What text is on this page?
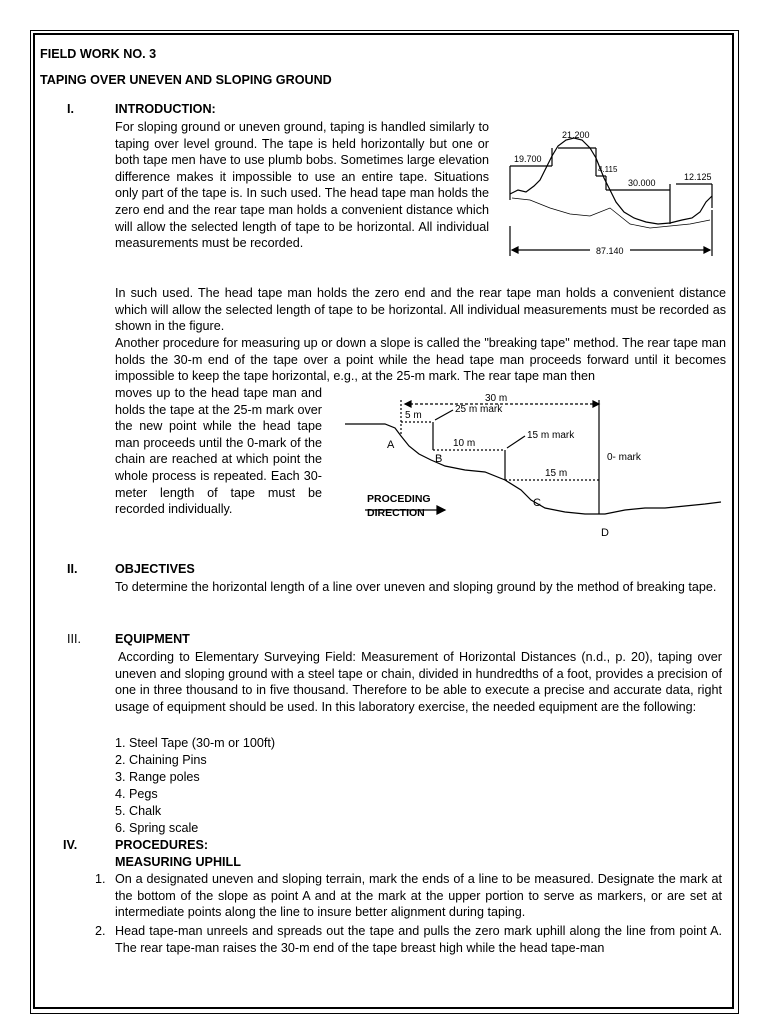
FIELD WORK NO. 3
TAPING OVER UNEVEN AND SLOPING GROUND
I.	INTRODUCTION:

For sloping ground or uneven ground, taping is handled similarly to taping over level ground. The tape is held horizontally but one or both tape men have to use plumb bobs. Sometimes large elevation difference makes it impossible to use an entire tape. Situations only part of the tape is. In such used. The head tape man holds the zero end and the rear tape man holds a convenient distance which will allow the selected length of tape to be horizontal. All individual measurements must be recorded.

21.200
19.700
4.115
30.000
12.125
87.140

In such used. The head tape man holds the zero end and the rear tape man holds a convenient distance which will allow the selected length of tape to be horizontal. All individual measurements must be recorded as shown in the figure.

Another procedure for measuring up or down a slope is called the "breaking tape" method. The rear tape man holds the 30-m end of the tape over a point while the head tape man proceeds forward until it becomes impossible to keep the tape horizontal, e.g., at the 25-m mark. The rear tape man then

moves up to the head tape man and holds the tape at the 25-m mark over the new point while the head tape man proceeds until the 0-mark of the chain are reached at which point the whole process is repeated. Each 30-meter length of tape must be recorded individually.

30 m
5 m
25 m mark
10 m
15 m mark
15 m
0- mark
A
B
C
D
PROCEDING
DIRECTION
II.	OBJECTIVES
To determine the horizontal length of a line over uneven and sloping ground by the method of breaking tape.
III.	EQUIPMENT
According to Elementary Surveying Field: Measurement of Horizontal Distances (n.d., p. 20), taping over uneven and sloping ground with a steel tape or chain, divided in hundredths of a foot, provides a precision of one in three thousand to in five thousand. Therefore to be able to execute a precise and accurate data, right usage of equipment should be used. In this laboratory exercise, the needed equipment are the following:
1. Steel Tape (30-m or 100ft)
2. Chaining Pins
3. Range poles
4. Pegs
5. Chalk
6. Spring scale
IV.	PROCEDURES:
MEASURING UPHILL
1. On a designated uneven and sloping terrain, mark the ends of a line to be measured. Designate the mark at the bottom of the slope as point A and at the mark at the upper portion to serve as markers, or are set at intermediate points along the line to insure better alignment during taping.
2. Head tape-man unreels and spreads out the tape and pulls the zero mark uphill along the line from point A. The rear tape-man raises the 30-m end of the tape breast high while the head tape-man
